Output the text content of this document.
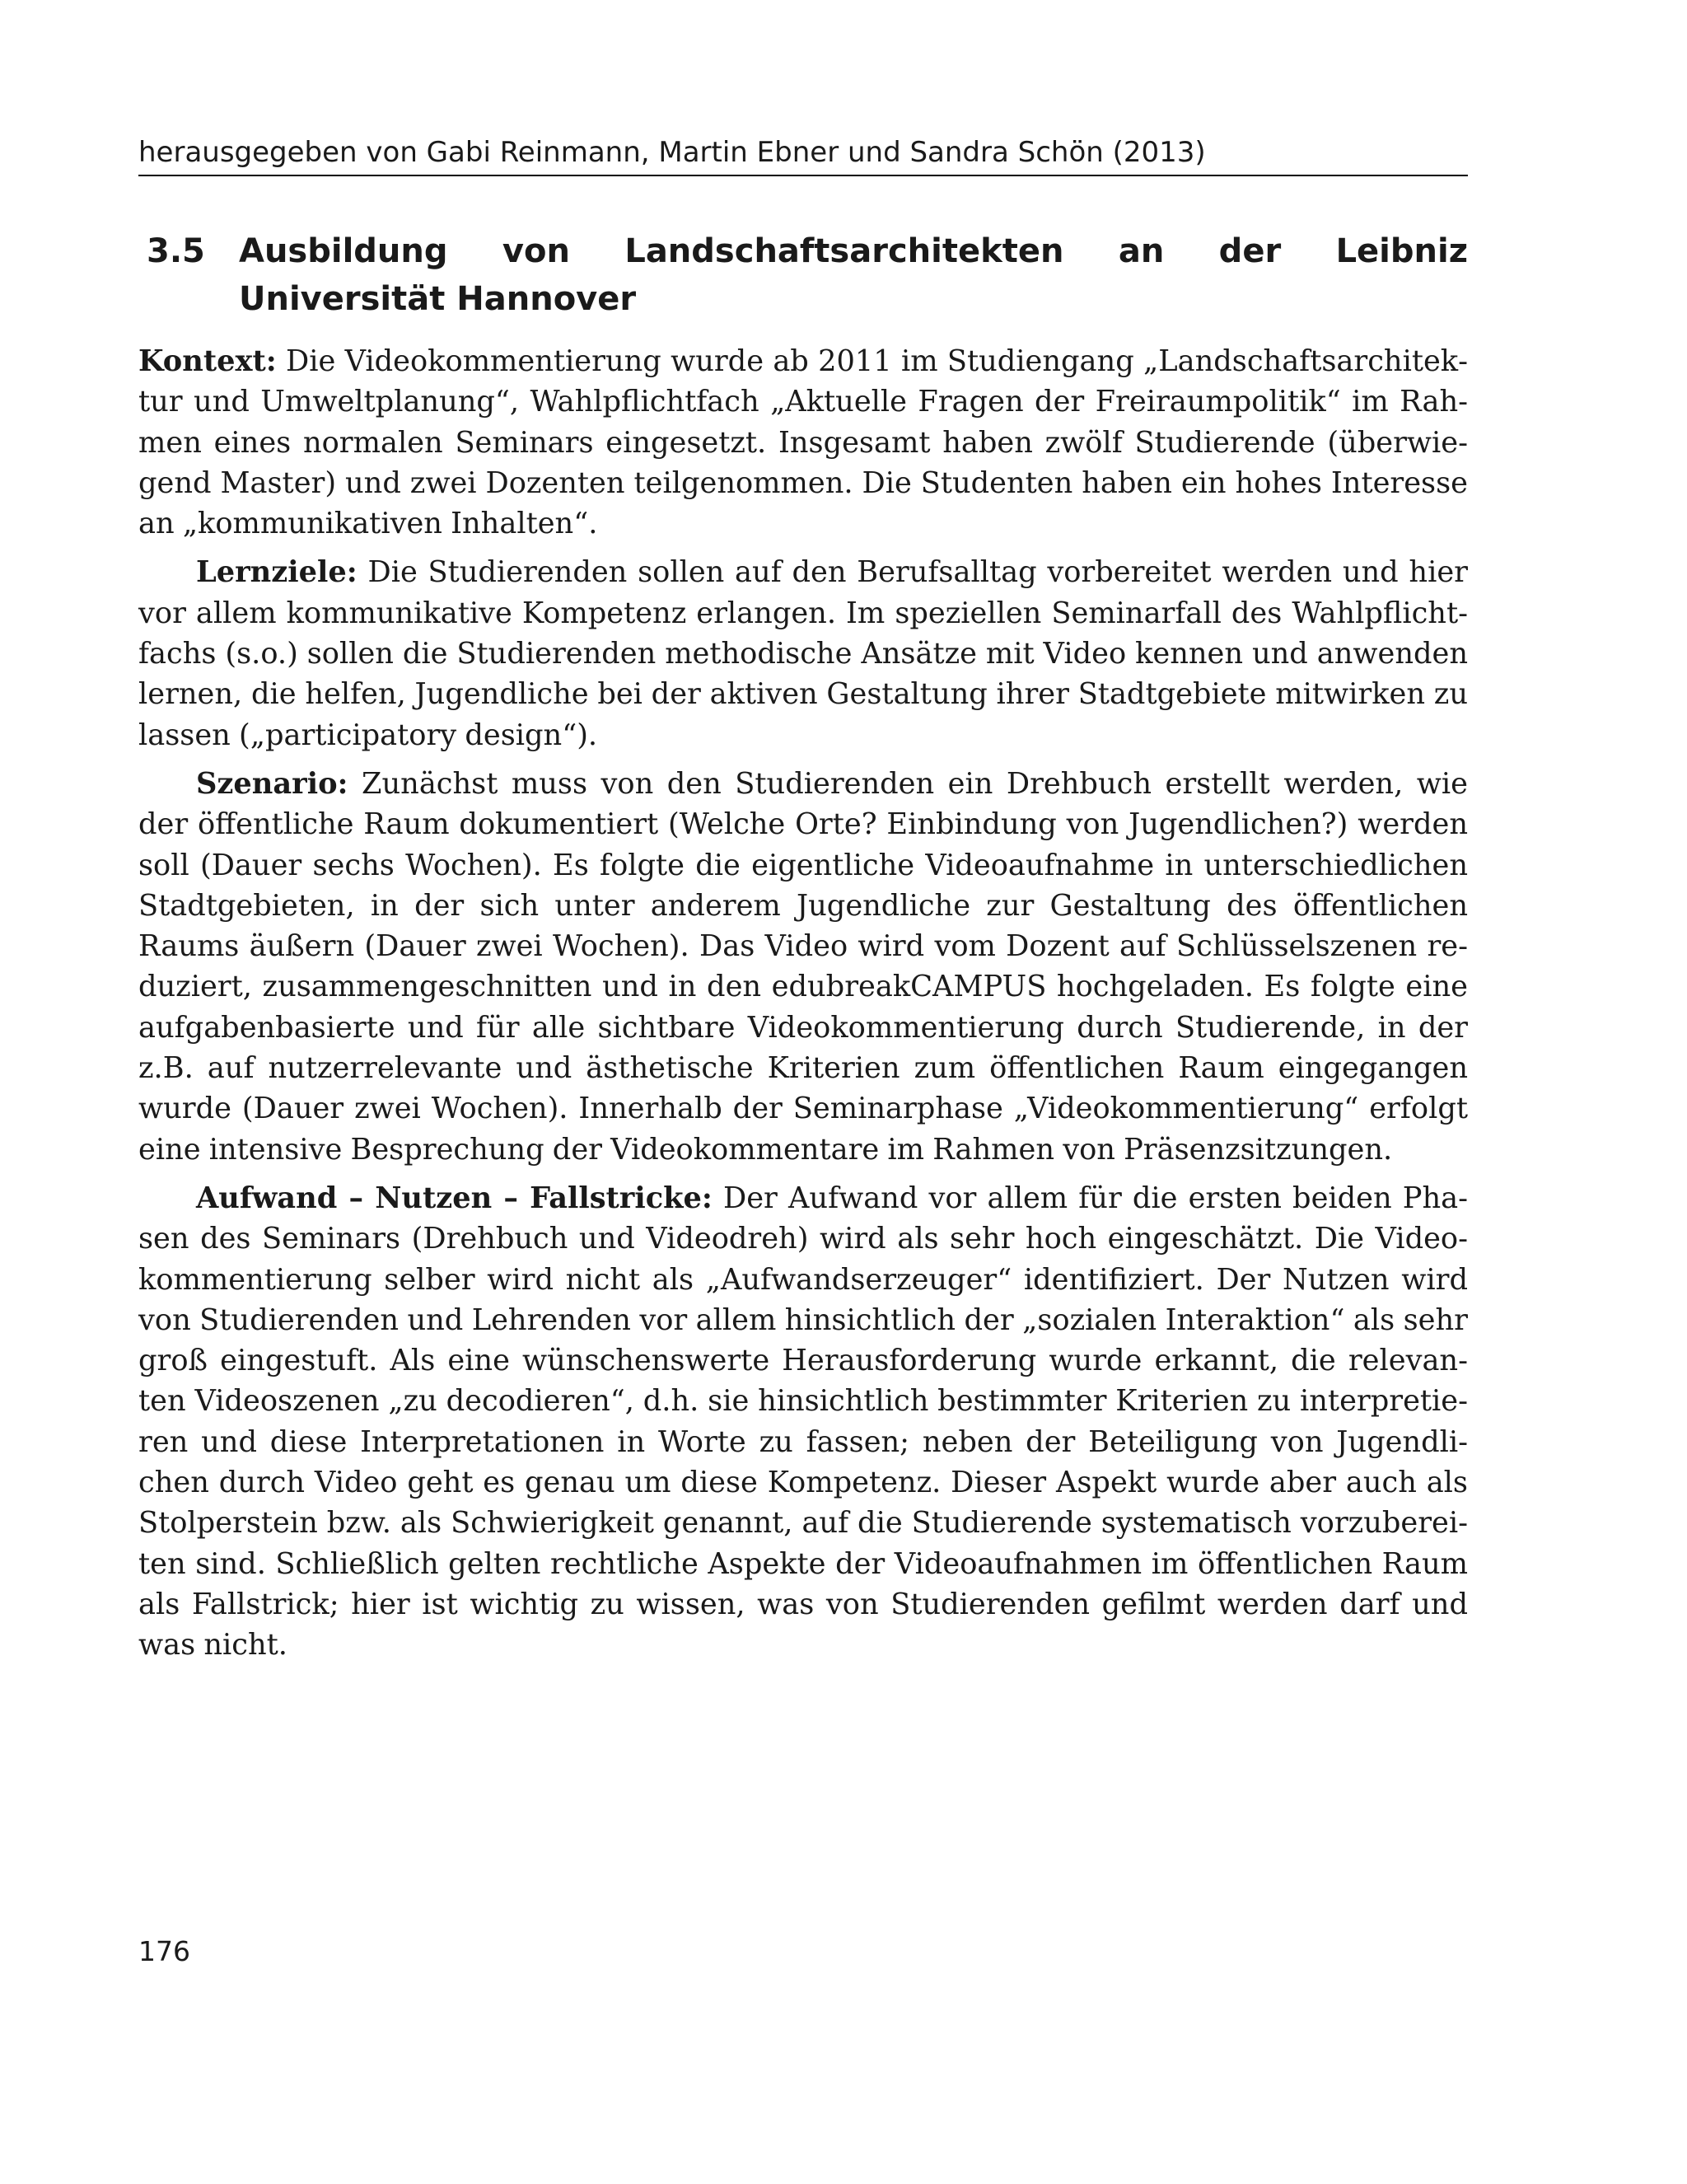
herausgegeben von Gabi Reinmann, Martin Ebner und Sandra Schön (2013)
3.5 Ausbildung von Landschaftsarchitekten an der Leibniz Universität Hannover

Kontext: Die Videokommentierung wurde ab 2011 im Studiengang „Landschaftsarchitektur und Umweltplanung“, Wahlpflichtfach „Aktuelle Fragen der Freiraumpolitik“ im Rahmen eines normalen Seminars eingesetzt. Insgesamt haben zwölf Studierende (überwiegend Master) und zwei Dozenten teilgenommen. Die Studenten haben ein hohes Interesse an „kommunikativen Inhalten“.

Lernziele: Die Studierenden sollen auf den Berufsalltag vorbereitet werden und hier vor allem kommunikative Kompetenz erlangen. Im speziellen Seminarfall des Wahlpflichtfachs (s.o.) sollen die Studierenden methodische Ansätze mit Video kennen und anwenden lernen, die helfen, Jugendliche bei der aktiven Gestaltung ihrer Stadtgebiete mitwirken zu lassen („participatory design“).

Szenario: Zunächst muss von den Studierenden ein Drehbuch erstellt werden, wie der öffentliche Raum dokumentiert (Welche Orte? Einbindung von Jugendlichen?) werden soll (Dauer sechs Wochen). Es folgte die eigentliche Videoaufnahme in unterschiedlichen Stadtgebieten, in der sich unter anderem Jugendliche zur Gestaltung des öffentlichen Raums äußern (Dauer zwei Wochen). Das Video wird vom Dozent auf Schlüsselszenen reduziert, zusammengeschnitten und in den edubreakCAMPUS hochgeladen. Es folgte eine aufgabenbasierte und für alle sichtbare Videokommentierung durch Studierende, in der z.B. auf nutzerrelevante und ästhetische Kriterien zum öffentlichen Raum eingegangen wurde (Dauer zwei Wochen). Innerhalb der Seminarphase „Videokommentierung“ erfolgt eine intensive Besprechung der Videokommentare im Rahmen von Präsenzsitzungen.

Aufwand – Nutzen – Fallstricke: Der Aufwand vor allem für die ersten beiden Phasen des Seminars (Drehbuch und Videodreh) wird als sehr hoch eingeschätzt. Die Videokommentierung selber wird nicht als „Aufwandserzeuger“ identifiziert. Der Nutzen wird von Studierenden und Lehrenden vor allem hinsichtlich der „sozialen Interaktion“ als sehr groß eingestuft. Als eine wünschenswerte Herausforderung wurde erkannt, die relevanten Videoszenen „zu decodieren“, d.h. sie hinsichtlich bestimmter Kriterien zu interpretieren und diese Interpretationen in Worte zu fassen; neben der Beteiligung von Jugendlichen durch Video geht es genau um diese Kompetenz. Dieser Aspekt wurde aber auch als Stolperstein bzw. als Schwierigkeit genannt, auf die Studierende systematisch vorzubereiten sind. Schließlich gelten rechtliche Aspekte der Videoaufnahmen im öffentlichen Raum als Fallstrick; hier ist wichtig zu wissen, was von Studierenden gefilmt werden darf und was nicht.

176
